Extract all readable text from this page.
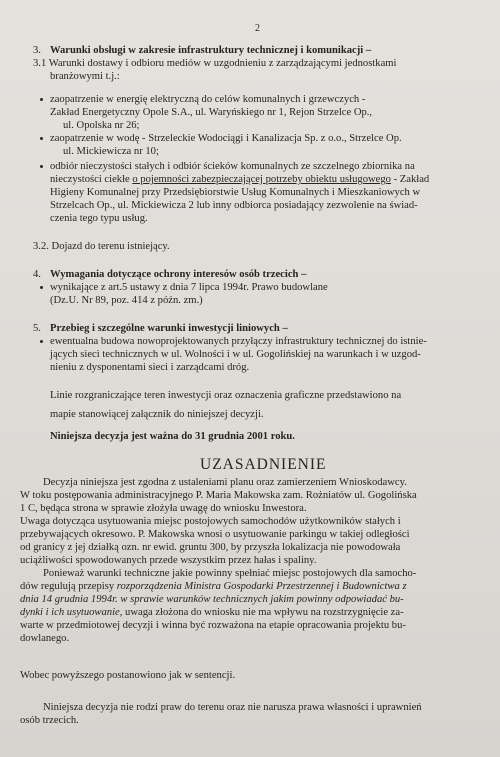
2
3. Warunki obsługi w zakresie infrastruktury technicznej i komunikacji –
3.1 Warunki dostawy i odbioru mediów w uzgodnieniu z zarządzającymi jednostkami
branżowymi t.j.:
zaopatrzenie w energię elektryczną do celów komunalnych i grzewczych -
Zakład Energetyczny Opole S.A., ul. Waryńskiego nr 1, Rejon Strzelce Op.,
ul. Opolska nr 26;
zaopatrzenie w wodę - Strzeleckie Wodociągi i Kanalizacja Sp. z o.o., Strzelce Op.
ul. Mickiewicza nr 10;
odbiór nieczystości stałych i odbiór ścieków komunalnych ze szczelnego zbiornika na
nieczystości ciekłe o pojemności zabezpieczającej potrzeby obiektu usługowego - Zakład
Higieny Komunalnej przy Przedsiębiorstwie Usług Komunalnych i Mieszkaniowych w
Strzelcach Op., ul. Mickiewicza 2 lub inny odbiorca posiadający zezwolenie na świad-
czenia tego typu usług.
3.2. Dojazd do terenu istniejący.
4. Wymagania dotyczące ochrony interesów osób trzecich –
wynikające z art.5 ustawy z dnia 7 lipca 1994r. Prawo budowlane
(Dz.U. Nr 89, poz. 414 z późn. zm.)
5. Przebieg i szczególne warunki inwestycji liniowych –
ewentualna budowa nowoprojektowanych przyłączy infrastruktury technicznej do istnie-
jących sieci technicznych w ul. Wolności i w ul. Gogolińskiej na warunkach i w uzgod-
nieniu z dysponentami sieci i zarządcami dróg.
Linie rozgraniczające teren inwestycji oraz oznaczenia graficzne przedstawiono na
mapie stanowiącej załącznik do niniejszej decyzji.
Niniejsza decyzja jest ważna do 31 grudnia 2001 roku.
UZASADNIENIE
Decyzja niniejsza jest zgodna z ustaleniami planu oraz zamierzeniem Wnioskodawcy.
W toku postępowania administracyjnego P. Maria Makowska zam. Rożniatów ul. Gogolińska
1 C, będąca strona w sprawie złożyła uwagę do wniosku Inwestora.
Uwaga dotycząca usytuowania miejsc postojowych samochodów użytkowników stałych i
przebywających okresowo. P. Makowska wnosi o usytuowanie parkingu w takiej odległości
od granicy z jej działką ozn. nr ewid. gruntu 300, by przyszła lokalizacja nie powodowała
uciążliwości spowodowanych przede wszystkim przez hałas i spaliny.
Ponieważ warunki techniczne jakie powinny spełniać miejsc postojowych dla samocho-
dów regulują przepisy rozporządzenia Ministra Gospodarki Przestrzennej i Budownictwa z
dnia 14 grudnia 1994r. w sprawie warunków technicznych jakim powinny odpowiadać bu-
dynki i ich usytuowanie, uwaga złożona do wniosku nie ma wpływu na rozstrzygnięcie za-
warte w przedmiotowej decyzji i winna być rozważona na etapie opracowania projektu bu-
dowlanego.
Wobec powyższego postanowiono jak w sentencji.
Niniejsza decyzja nie rodzi praw do terenu oraz nie narusza prawa własności i uprawnień
osób trzecich.
